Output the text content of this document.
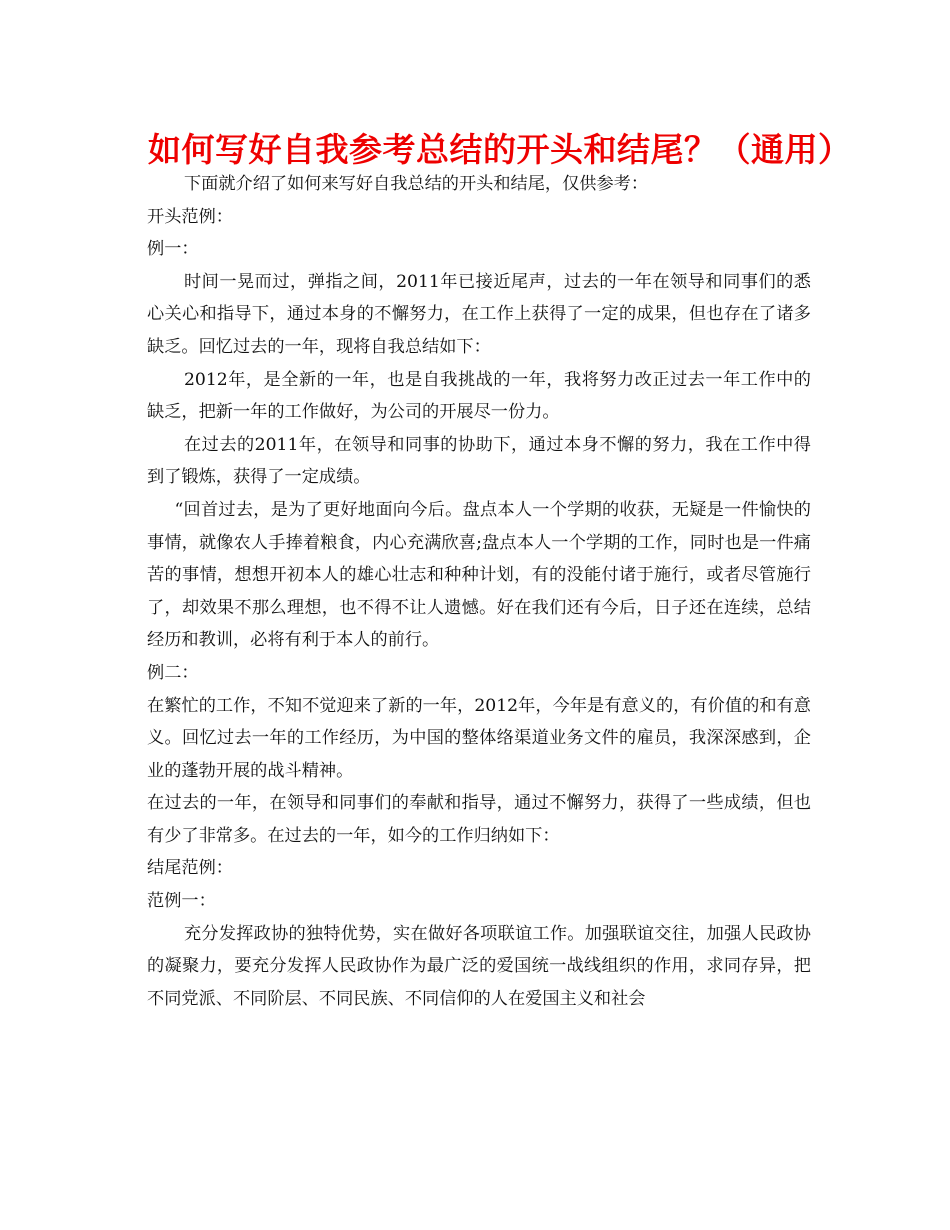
如何写好自我参考总结的开头和结尾？（通用）

下面就介绍了如何来写好自我总结的开头和结尾，仅供参考：

开头范例：

例一：

时间一晃而过，弹指之间，2011年已接近尾声，过去的一年在领导和同事们的悉心关心和指导下，通过本身的不懈努力，在工作上获得了一定的成果，但也存在了诸多缺乏。回忆过去的一年，现将自我总结如下：

2012年，是全新的一年，也是自我挑战的一年，我将努力改正过去一年工作中的缺乏，把新一年的工作做好，为公司的开展尽一份力。

在过去的2011年，在领导和同事的协助下，通过本身不懈的努力，我在工作中得到了锻炼，获得了一定成绩。

“回首过去，是为了更好地面向今后。盘点本人一个学期的收获，无疑是一件愉快的事情，就像农人手捧着粮食，内心充满欣喜;盘点本人一个学期的工作，同时也是一件痛苦的事情，想想开初本人的雄心壮志和种种计划，有的没能付诸于施行，或者尽管施行了，却效果不那么理想，也不得不让人遗憾。好在我们还有今后，日子还在连续，总结经历和教训，必将有利于本人的前行。

例二：

在繁忙的工作，不知不觉迎来了新的一年，2012年，今年是有意义的，有价值的和有意义。回忆过去一年的工作经历，为中国的整体络渠道业务文件的雇员，我深深感到，企业的蓬勃开展的战斗精神。

在过去的一年，在领导和同事们的奉献和指导，通过不懈努力，获得了一些成绩，但也有少了非常多。在过去的一年，如今的工作归纳如下：

结尾范例：

范例一：

充分发挥政协的独特优势，实在做好各项联谊工作。加强联谊交往，加强人民政协的凝聚力，要充分发挥人民政协作为最广泛的爱国统一战线组织的作用，求同存异，把不同党派、不同阶层、不同民族、不同信仰的人在爱国主义和社会
